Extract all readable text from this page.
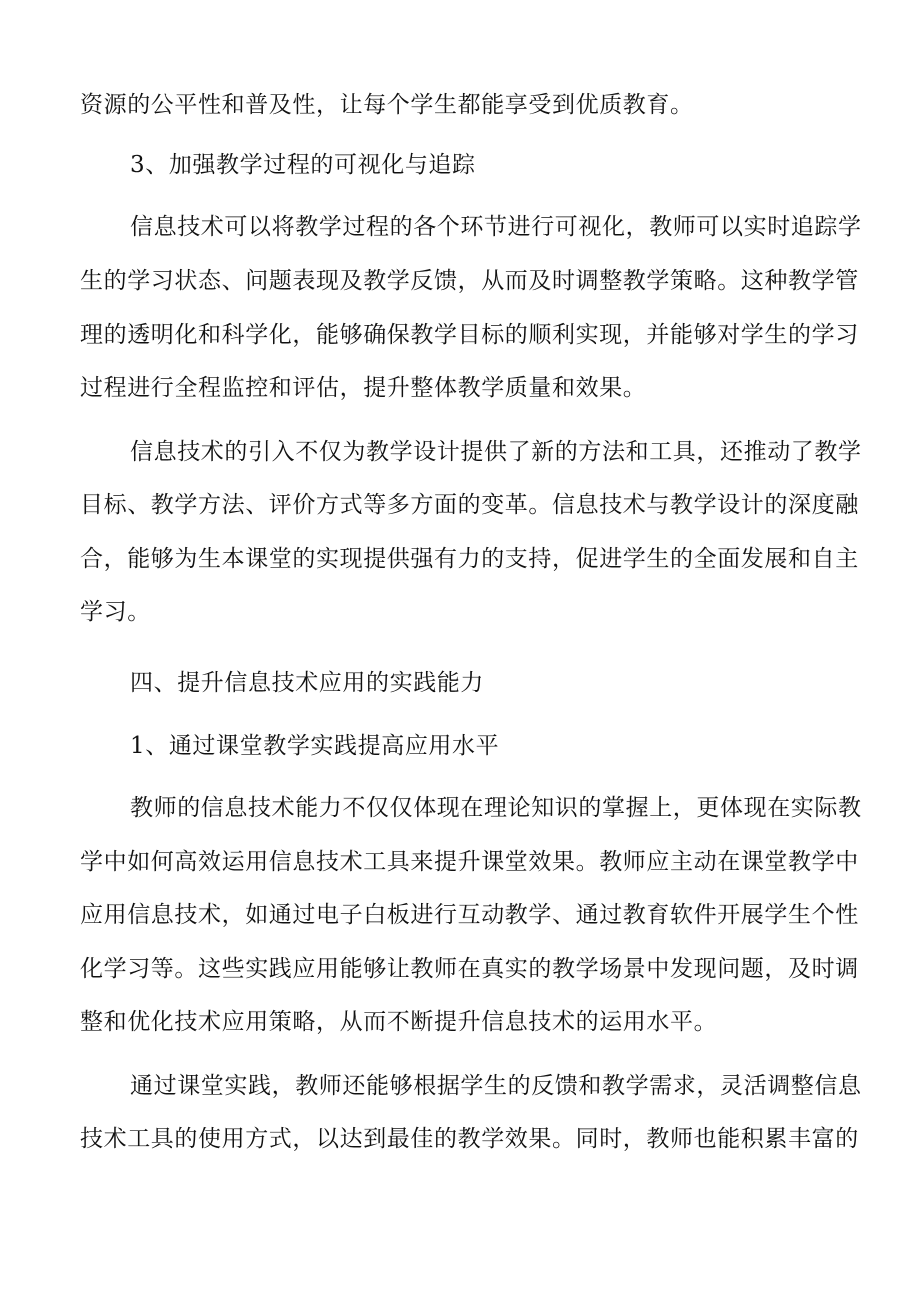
资源的公平性和普及性，让每个学生都能享受到优质教育。
3、加强教学过程的可视化与追踪
信息技术可以将教学过程的各个环节进行可视化，教师可以实时追踪学
生的学习状态、问题表现及教学反馈，从而及时调整教学策略。这种教学管
理的透明化和科学化，能够确保教学目标的顺利实现，并能够对学生的学习
过程进行全程监控和评估，提升整体教学质量和效果。
信息技术的引入不仅为教学设计提供了新的方法和工具，还推动了教学
目标、教学方法、评价方式等多方面的变革。信息技术与教学设计的深度融
合，能够为生本课堂的实现提供强有力的支持，促进学生的全面发展和自主
学习。
四、提升信息技术应用的实践能力
1、通过课堂教学实践提高应用水平
教师的信息技术能力不仅仅体现在理论知识的掌握上，更体现在实际教
学中如何高效运用信息技术工具来提升课堂效果。教师应主动在课堂教学中
应用信息技术，如通过电子白板进行互动教学、通过教育软件开展学生个性
化学习等。这些实践应用能够让教师在真实的教学场景中发现问题，及时调
整和优化技术应用策略，从而不断提升信息技术的运用水平。
通过课堂实践，教师还能够根据学生的反馈和教学需求，灵活调整信息
技术工具的使用方式，以达到最佳的教学效果。同时，教师也能积累丰富的
